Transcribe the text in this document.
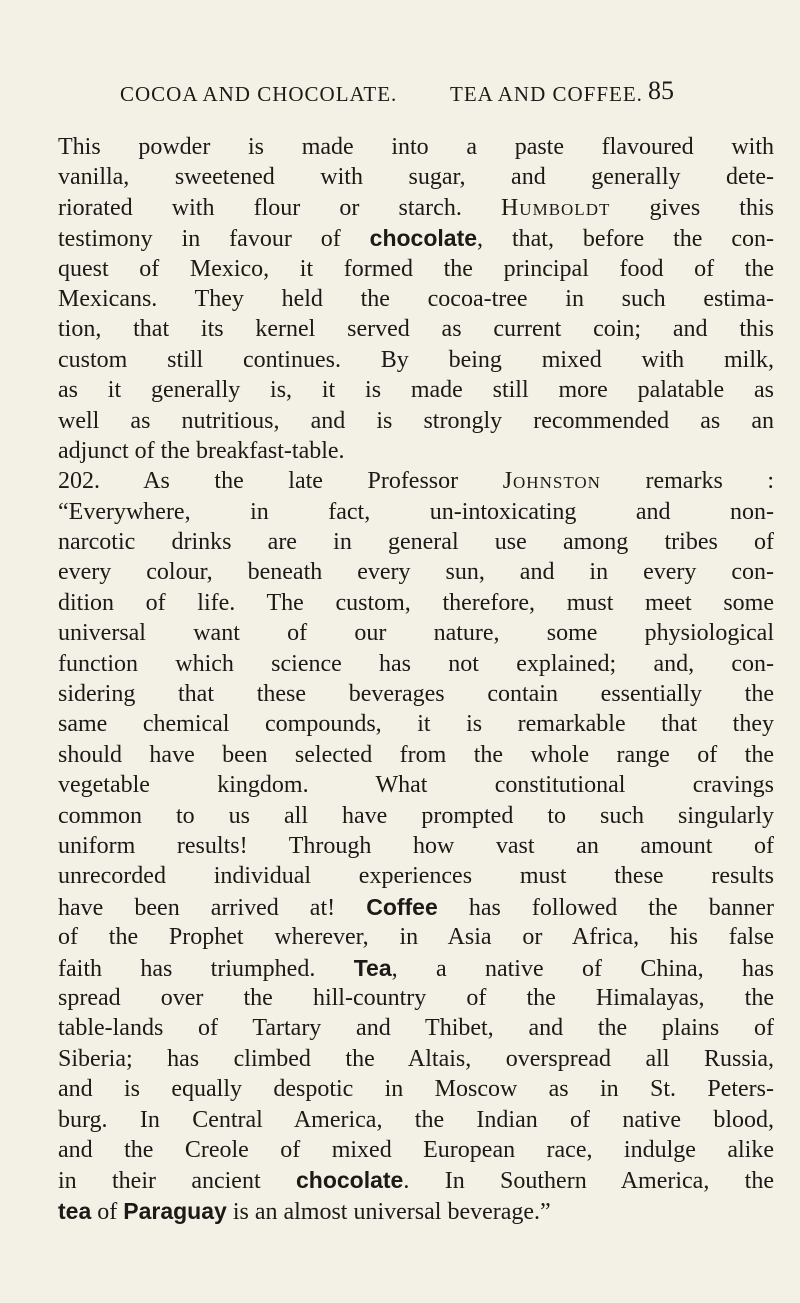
COCOA AND CHOCOLATE.	TEA AND COFFEE. 85
This powder is made into a paste flavoured with
vanilla, sweetened with sugar, and generally dete-
riorated with flour or starch. Humboldt gives this
testimony in favour of chocolate, that, before the con-
quest of Mexico, it formed the principal food of the
Mexicans. They held the cocoa-tree in such estima-
tion, that its kernel served as current coin; and this
custom still continues. By being mixed with milk,
as it generally is, it is made still more palatable as
well as nutritious, and is strongly recommended as an
adjunct of the breakfast-table.
202. As the late Professor Johnston remarks :
“Everywhere, in fact, un-intoxicating and non-
narcotic drinks are in general use among tribes of
every colour, beneath every sun, and in every con-
dition of life. The custom, therefore, must meet some
universal want of our nature, some physiological
function which science has not explained; and, con-
sidering that these beverages contain essentially the
same chemical compounds, it is remarkable that they
should have been selected from the whole range of the
vegetable kingdom. What constitutional cravings
common to us all have prompted to such singularly
uniform results! Through how vast an amount of
unrecorded individual experiences must these results
have been arrived at! Coffee has followed the banner
of the Prophet wherever, in Asia or Africa, his false
faith has triumphed. Tea, a native of China, has
spread over the hill-country of the Himalayas, the
table-lands of Tartary and Thibet, and the plains of
Siberia; has climbed the Altais, overspread all Russia,
and is equally despotic in Moscow as in St. Peters-
burg. In Central America, the Indian of native blood,
and the Creole of mixed European race, indulge alike
in their ancient chocolate. In Southern America, the
tea of Paraguay is an almost universal beverage.”
